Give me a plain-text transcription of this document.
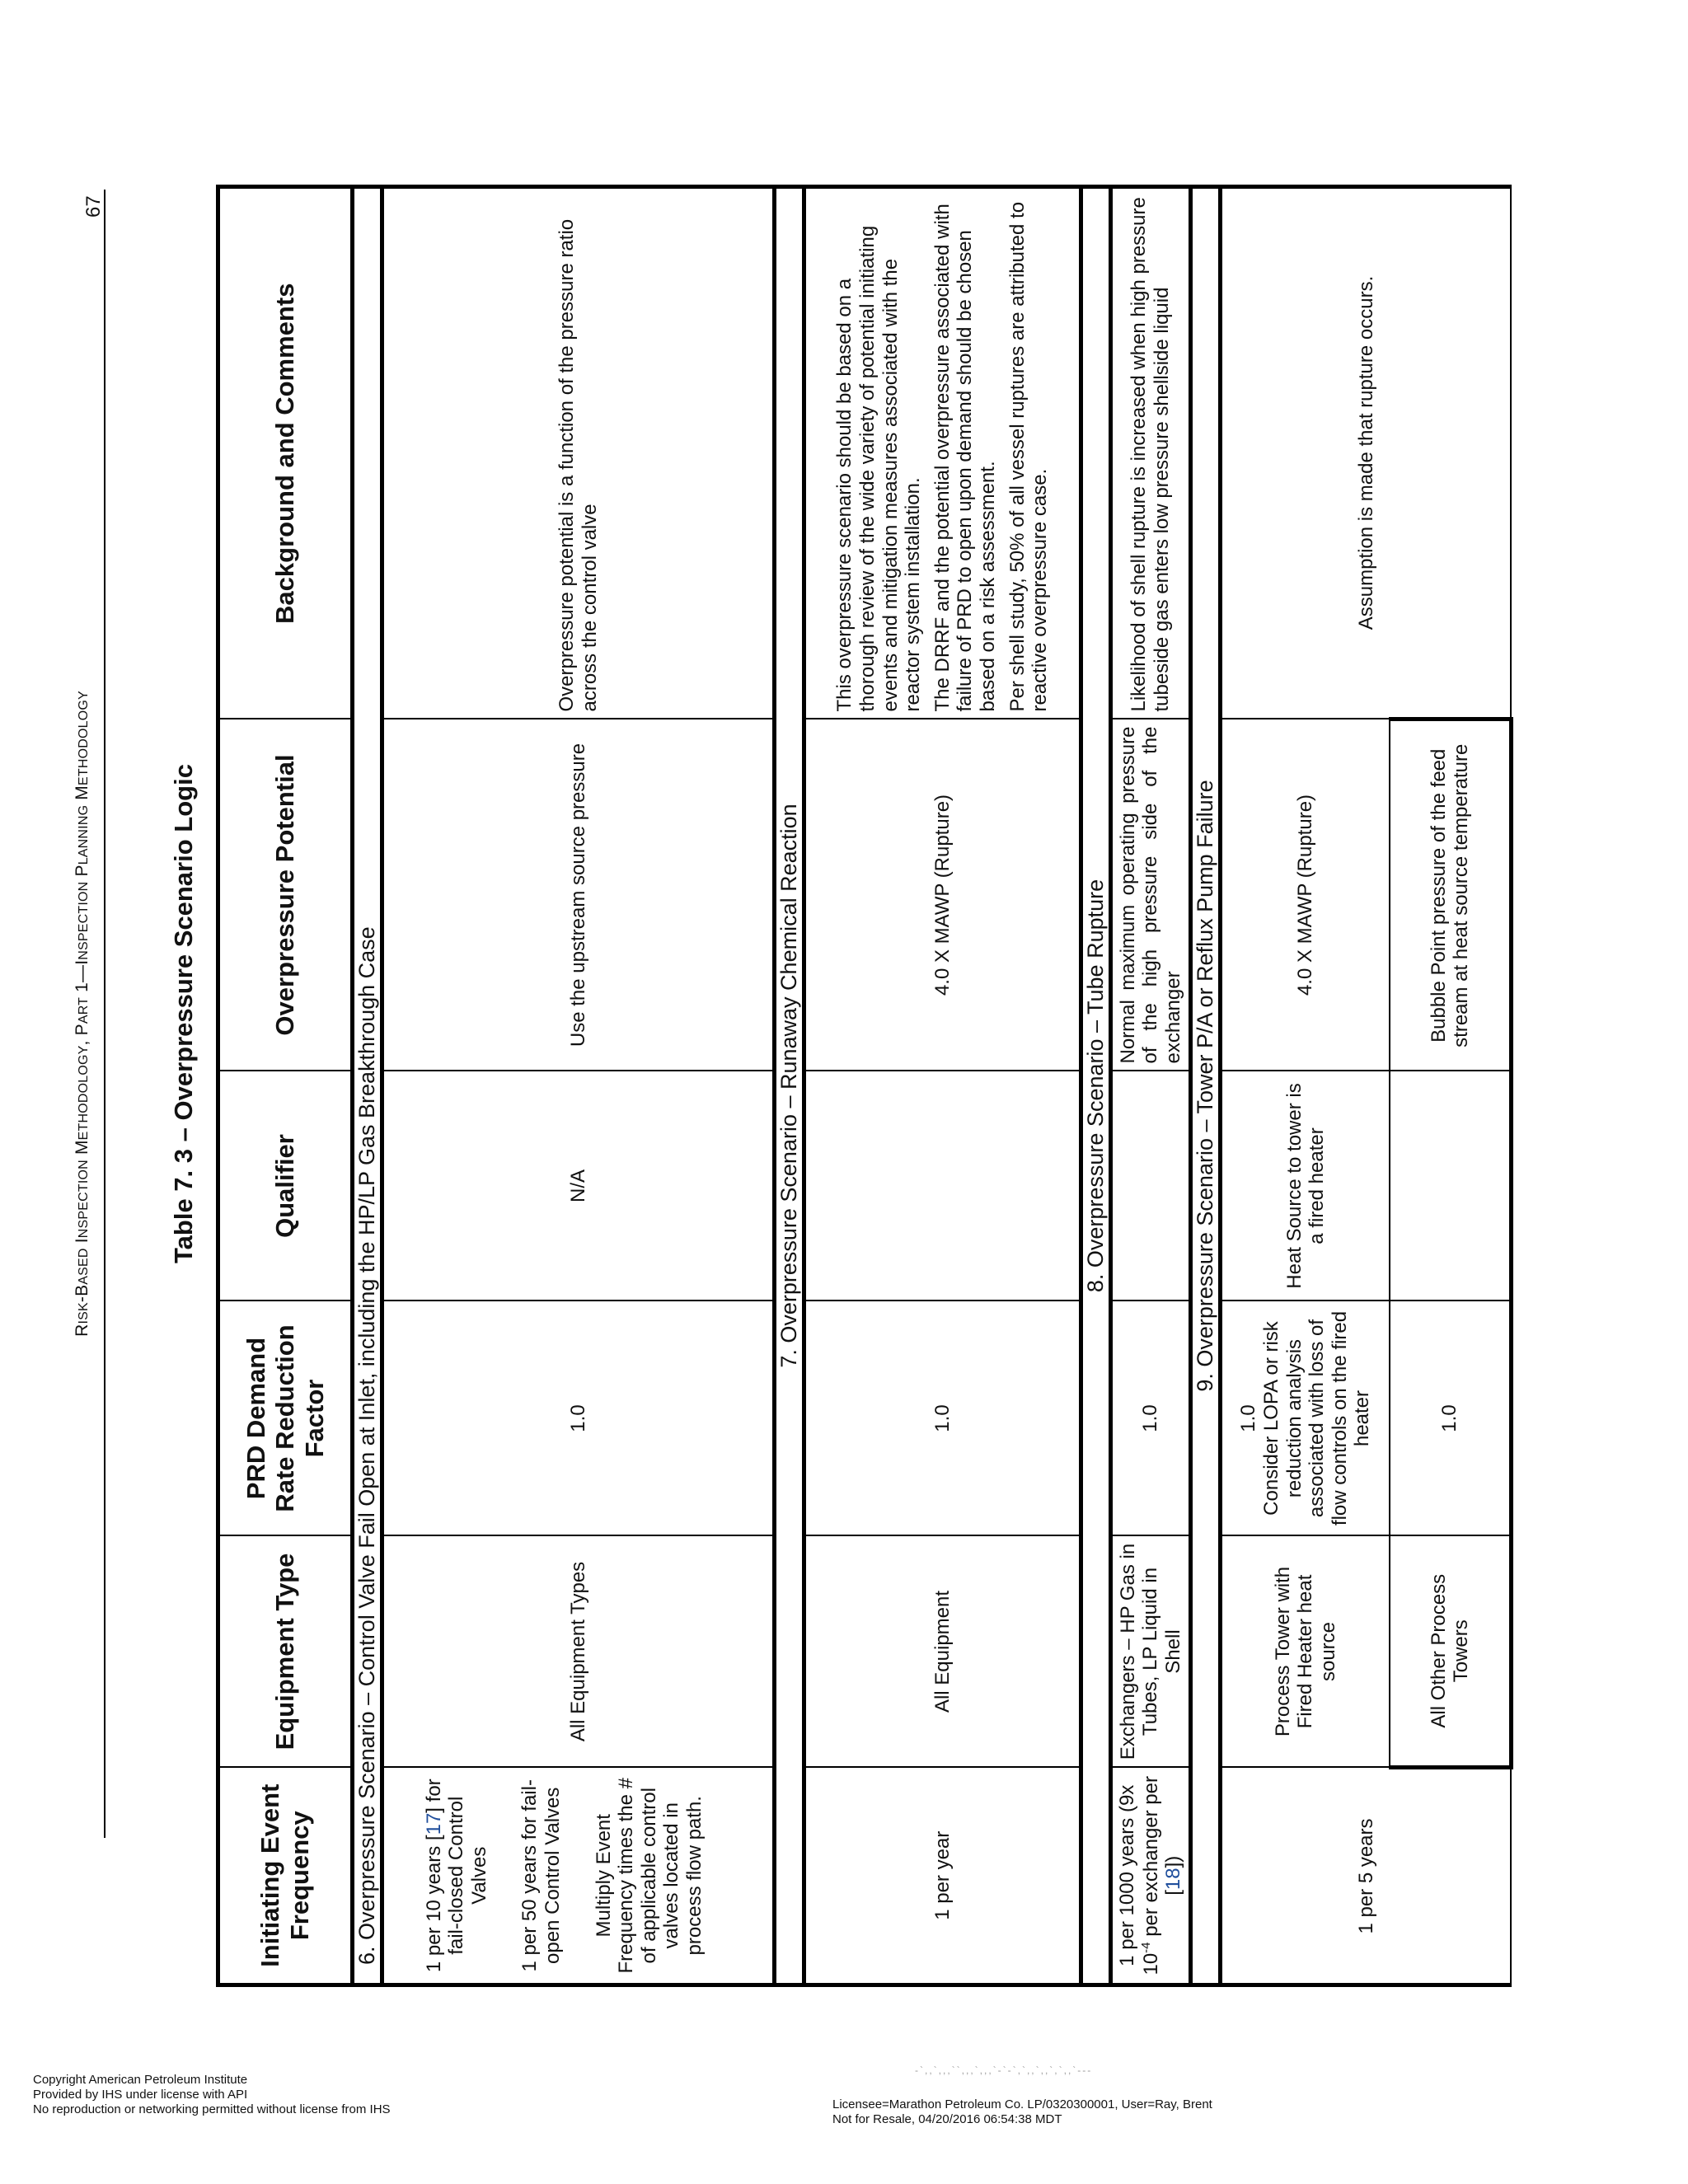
67
RISK-BASED INSPECTION METHODOLOGY, PART 1—INSPECTION PLANNING METHODOLOGY
Table 7. 3 – Overpressure Scenario Logic
Initiating Event Frequency	Equipment Type	PRD Demand Rate Reduction Factor	Qualifier	Overpressure Potential	Background and Comments

6. Overpressure Scenario – Control Valve Fail Open at Inlet, including the HP/LP Gas Breakthrough Case					

1 per 10 years [17] for fail-closed Control Valves 1 per 50 years for fail-open Control Valves Multiply Event Frequency times the # of applicable control valves located in process flow path.	All Equipment Types	1.0	N/A	Use the upstream source pressure	Overpressure potential is a function of the pressure ratio across the control valve

7. Overpressure Scenario – Runaway Chemical Reaction					

1 per year	All Equipment	1.0		4.0 X MAWP (Rupture)	This overpressure scenario should be based on a thorough review of the wide variety of potential initiating events and mitigation measures associated with the reactor system installation. The DRRF and the potential overpressure associated with failure of PRD to open upon demand should be chosen based on a risk assessment. Per shell study, 50% of all vessel ruptures are attributed to reactive overpressure case.

8. Overpressure Scenario – Tube Rupture					

1 per 1000 years (9x $10^{-4}$ per exchanger per [18])	Exchangers – HP Gas in Tubes, LP Liquid in Shell	1.0		Normal maximum operating pressure of the high pressure side of the exchanger	Likelihood of shell rupture is increased when high pressure tubeside gas enters low pressure shellside liquid

9. Overpressure Scenario – Tower P/A or Reflux Pump Failure					

1 per 5 years	Process Tower with Fired Heater heat source	1.0 Consider LOPA or risk reduction analysis associated with loss of flow controls on the fired heater	Heat Source to tower is a fired heater	4.0 X MAWP (Rupture)	Assumption is made that rupture occurs.
	All Other Process Towers	1.0		Bubble Point pressure of the feed stream at heat source temperature	
Copyright American Petroleum Institute
Provided by IHS under license with API
No reproduction or networking permitted without license from IHS
-`,,`,,,``,,,`,,,`-`-`,`,,`,,`,`,,`---
Licensee=Marathon Petroleum Co. LP/0320300001, User=Ray, Brent
Not for Resale, 04/20/2016 06:54:38 MDT
